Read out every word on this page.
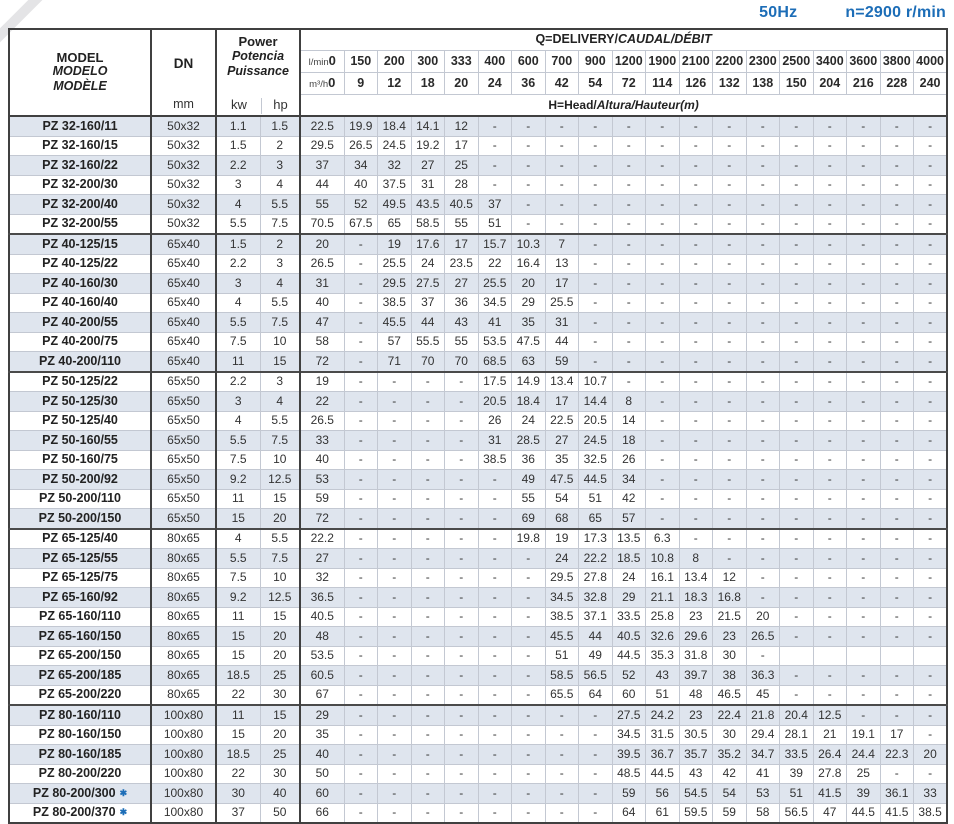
50Hz	n=2900 r/min
MODEL
MODELO
MODÈLE

DN
mm

Power
Potencia
Puissance
kw	hp
	Q=DELIVERY/CAUDAL/DÉBIT
				l/min0	150	200	300	333	400	600	700	900	1200	1900	2100	2200	2300	2500	3400	3600	3800	4000
				m³/h0	9	12	18	20	24	36	42	54	72	114	126	132	138	150	204	216	228	240
				H=Head/Altura/Hauteur(m)																		
PZ 32-160/11	50x32	1.1	1.5	22.5	19.9	18.4	14.1	12	-	-	-	-	-	-	-	-	-	-	-	-	-	-
PZ 32-160/15	50x32	1.5	2	29.5	26.5	24.5	19.2	17	-	-	-	-	-	-	-	-	-	-	-	-	-	-
PZ 32-160/22	50x32	2.2	3	37	34	32	27	25	-	-	-	-	-	-	-	-	-	-	-	-	-	-
PZ 32-200/30	50x32	3	4	44	40	37.5	31	28	-	-	-	-	-	-	-	-	-	-	-	-	-	-
PZ 32-200/40	50x32	4	5.5	55	52	49.5	43.5	40.5	37	-	-	-	-	-	-	-	-	-	-	-	-	-
PZ 32-200/55	50x32	5.5	7.5	70.5	67.5	65	58.5	55	51	-	-	-	-	-	-	-	-	-	-	-	-	-
PZ 40-125/15	65x40	1.5	2	20	-	19	17.6	17	15.7	10.3	7	-	-	-	-	-	-	-	-	-	-	-
PZ 40-125/22	65x40	2.2	3	26.5	-	25.5	24	23.5	22	16.4	13	-	-	-	-	-	-	-	-	-	-	-
PZ 40-160/30	65x40	3	4	31	-	29.5	27.5	27	25.5	20	17	-	-	-	-	-	-	-	-	-	-	-
PZ 40-160/40	65x40	4	5.5	40	-	38.5	37	36	34.5	29	25.5	-	-	-	-	-	-	-	-	-	-	-
PZ 40-200/55	65x40	5.5	7.5	47	-	45.5	44	43	41	35	31	-	-	-	-	-	-	-	-	-	-	-
PZ 40-200/75	65x40	7.5	10	58	-	57	55.5	55	53.5	47.5	44	-	-	-	-	-	-	-	-	-	-	-
PZ 40-200/110	65x40	11	15	72	-	71	70	70	68.5	63	59	-	-	-	-	-	-	-	-	-	-	-
PZ 50-125/22	65x50	2.2	3	19	-	-	-	-	17.5	14.9	13.4	10.7	-	-	-	-	-	-	-	-	-	-
PZ 50-125/30	65x50	3	4	22	-	-	-	-	20.5	18.4	17	14.4	8	-	-	-	-	-	-	-	-	-
PZ 50-125/40	65x50	4	5.5	26.5	-	-	-	-	26	24	22.5	20.5	14	-	-	-	-	-	-	-	-	-
PZ 50-160/55	65x50	5.5	7.5	33	-	-	-	-	31	28.5	27	24.5	18	-	-	-	-	-	-	-	-	-
PZ 50-160/75	65x50	7.5	10	40	-	-	-	-	38.5	36	35	32.5	26	-	-	-	-	-	-	-	-	-
PZ 50-200/92	65x50	9.2	12.5	53	-	-	-	-	-	49	47.5	44.5	34	-	-	-	-	-	-	-	-	-
PZ 50-200/110	65x50	11	15	59	-	-	-	-	-	55	54	51	42	-	-	-	-	-	-	-	-	-
PZ 50-200/150	65x50	15	20	72	-	-	-	-	-	69	68	65	57	-	-	-	-	-	-	-	-	-
PZ 65-125/40	80x65	4	5.5	22.2	-	-	-	-	-	19.8	19	17.3	13.5	6.3	-	-	-	-	-	-	-	-
PZ 65-125/55	80x65	5.5	7.5	27	-	-	-	-	-	-	24	22.2	18.5	10.8	8	-	-	-	-	-	-	-
PZ 65-125/75	80x65	7.5	10	32	-	-	-	-	-	-	29.5	27.8	24	16.1	13.4	12	-	-	-	-	-	-
PZ 65-160/92	80x65	9.2	12.5	36.5	-	-	-	-	-	-	34.5	32.8	29	21.1	18.3	16.8	-	-	-	-	-	-
PZ 65-160/110	80x65	11	15	40.5	-	-	-	-	-	-	38.5	37.1	33.5	25.8	23	21.5	20	-	-	-	-	-
PZ 65-160/150	80x65	15	20	48	-	-	-	-	-	-	45.5	44	40.5	32.6	29.6	23	26.5	-	-	-	-	-
PZ 65-200/150	80x65	15	20	53.5	-	-	-	-	-	-	51	49	44.5	35.3	31.8	30	-					
PZ 65-200/185	80x65	18.5	25	60.5	-	-	-	-	-	-	58.5	56.5	52	43	39.7	38	36.3	-	-	-	-	-
PZ 65-200/220	80x65	22	30	67	-	-	-	-	-	-	65.5	64	60	51	48	46.5	45	-	-	-	-	-
PZ 80-160/110	100x80	11	15	29	-	-	-	-	-	-	-	-	27.5	24.2	23	22.4	21.8	20.4	12.5	-	-	-
PZ 80-160/150	100x80	15	20	35	-	-	-	-	-	-	-	-	34.5	31.5	30.5	30	29.4	28.1	21	19.1	17	-
PZ 80-160/185	100x80	18.5	25	40	-	-	-	-	-	-	-	-	39.5	36.7	35.7	35.2	34.7	33.5	26.4	24.4	22.3	20
PZ 80-200/220	100x80	22	30	50	-	-	-	-	-	-	-	-	48.5	44.5	43	42	41	39	27.8	25	-	-
PZ 80-200/300 ✱	100x80	30	40	60	-	-	-	-	-	-	-	-	59	56	54.5	54	53	51	41.5	39	36.1	33
PZ 80-200/370 ✱	100x80	37	50	66	-	-	-	-	-	-	-	-	64	61	59.5	59	58	56.5	47	44.5	41.5	38.5
